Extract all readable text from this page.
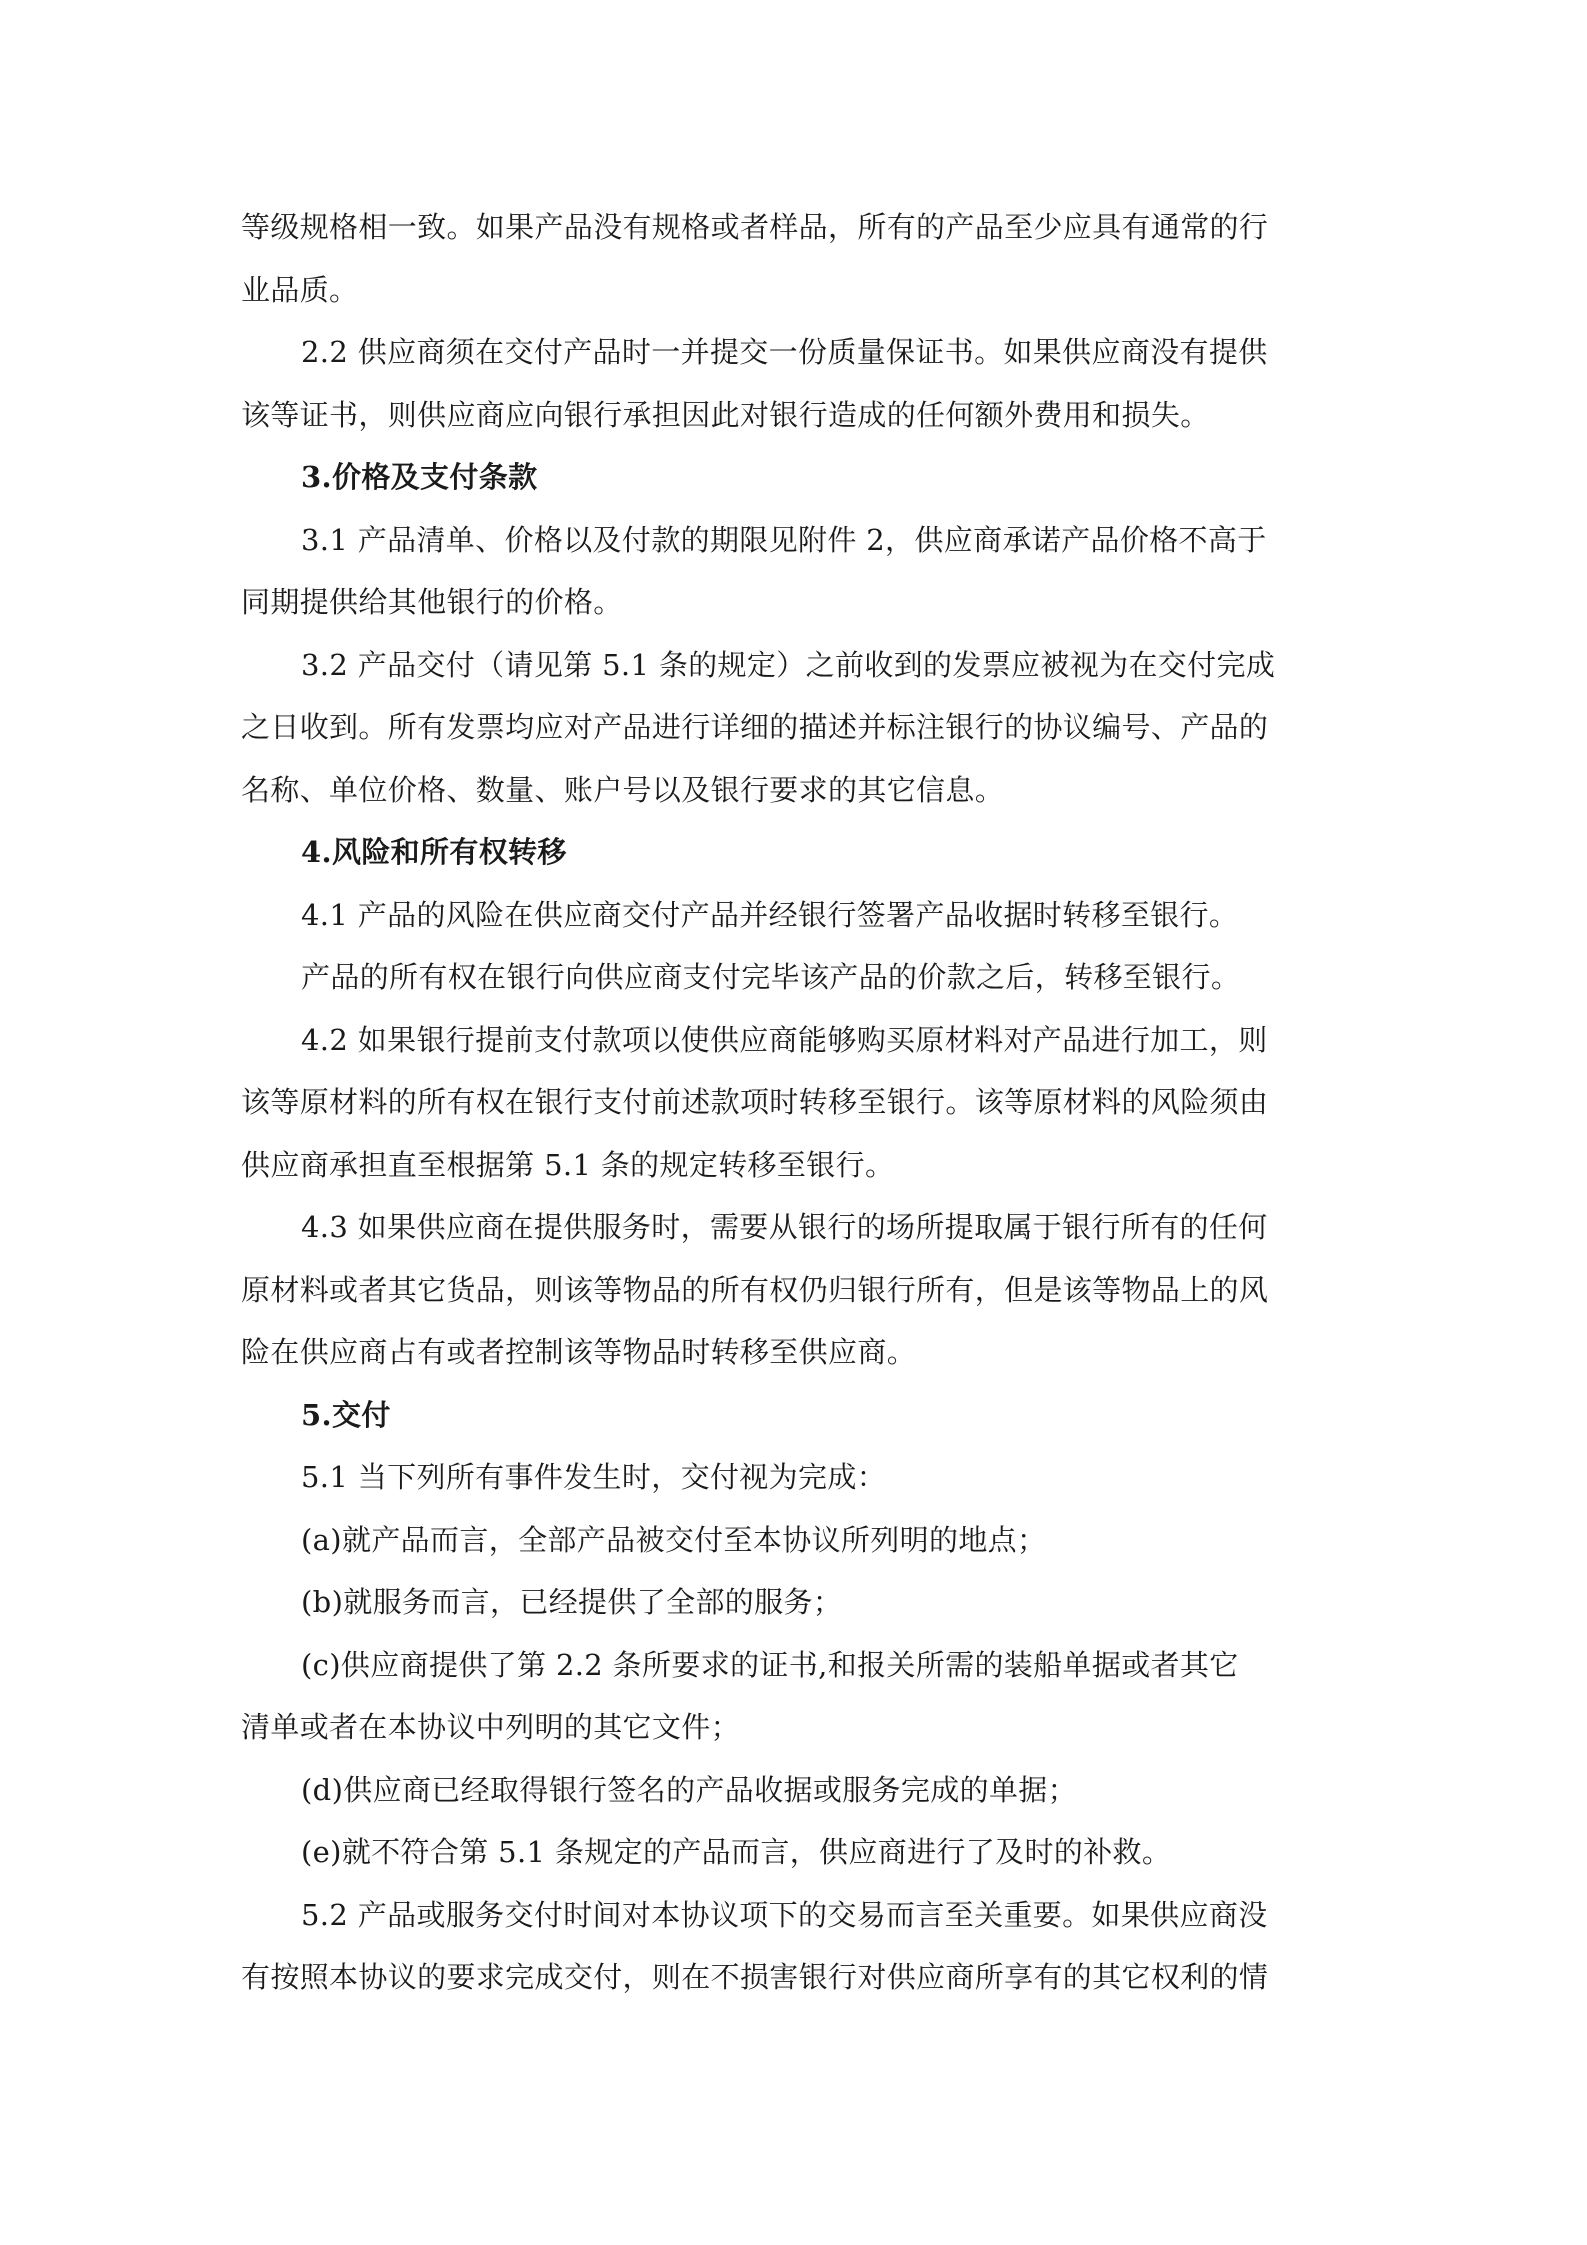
等级规格相一致。如果产品没有规格或者样品，所有的产品至少应具有通常的行
业品质。
2.2 供应商须在交付产品时一并提交一份质量保证书。如果供应商没有提供
该等证书，则供应商应向银行承担因此对银行造成的任何额外费用和损失。
3.价格及支付条款
3.1 产品清单、价格以及付款的期限见附件 2，供应商承诺产品价格不高于
同期提供给其他银行的价格。
3.2 产品交付（请见第 5.1 条的规定）之前收到的发票应被视为在交付完成
之日收到。所有发票均应对产品进行详细的描述并标注银行的协议编号、产品的
名称、单位价格、数量、账户号以及银行要求的其它信息。
4.风险和所有权转移
4.1 产品的风险在供应商交付产品并经银行签署产品收据时转移至银行。
产品的所有权在银行向供应商支付完毕该产品的价款之后，转移至银行。
4.2 如果银行提前支付款项以使供应商能够购买原材料对产品进行加工，则
该等原材料的所有权在银行支付前述款项时转移至银行。该等原材料的风险须由
供应商承担直至根据第 5.1 条的规定转移至银行。
4.3 如果供应商在提供服务时，需要从银行的场所提取属于银行所有的任何
原材料或者其它货品，则该等物品的所有权仍归银行所有，但是该等物品上的风
险在供应商占有或者控制该等物品时转移至供应商。
5.交付
5.1 当下列所有事件发生时，交付视为完成：
(a)就产品而言，全部产品被交付至本协议所列明的地点；
(b)就服务而言，已经提供了全部的服务；
(c)供应商提供了第 2.2 条所要求的证书,和报关所需的装船单据或者其它
清单或者在本协议中列明的其它文件；
(d)供应商已经取得银行签名的产品收据或服务完成的单据；
(e)就不符合第 5.1 条规定的产品而言，供应商进行了及时的补救。
5.2 产品或服务交付时间对本协议项下的交易而言至关重要。如果供应商没
有按照本协议的要求完成交付，则在不损害银行对供应商所享有的其它权利的情
